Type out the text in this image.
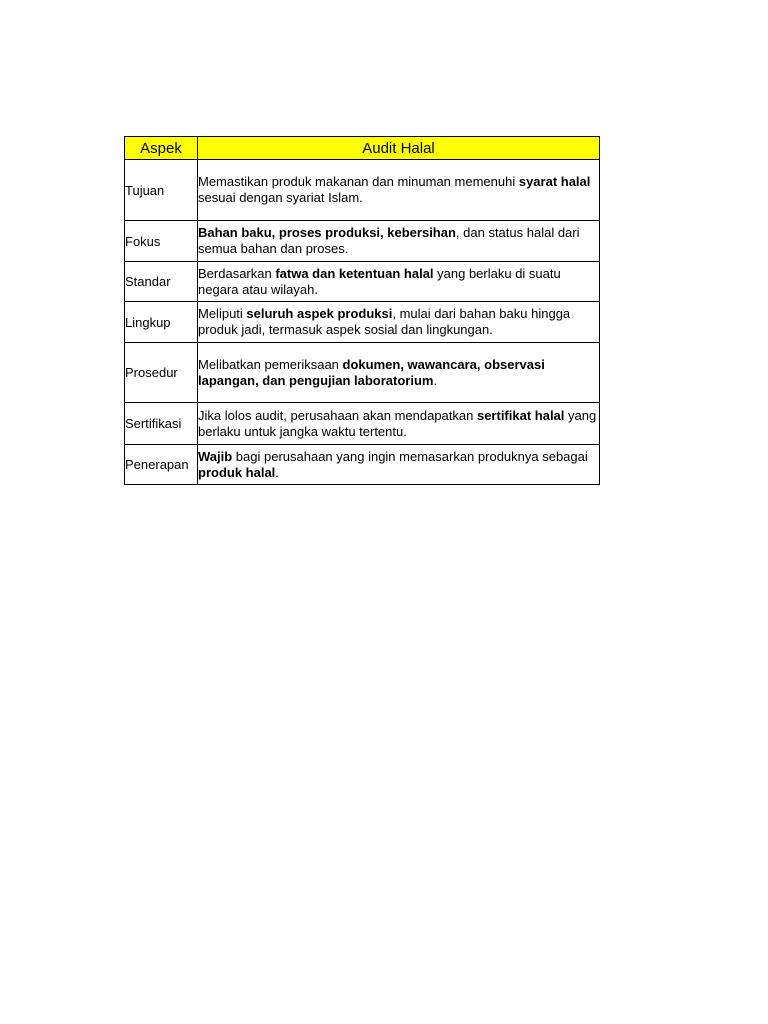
Aspek	Audit Halal
Tujuan	Memastikan produk makanan dan minuman memenuhi syarat halal sesuai dengan syariat Islam.
Fokus	Bahan baku, proses produksi, kebersihan, dan status halal dari semua bahan dan proses.
Standar	Berdasarkan fatwa dan ketentuan halal yang berlaku di suatu negara atau wilayah.
Lingkup	Meliputi seluruh aspek produksi, mulai dari bahan baku hingga produk jadi, termasuk aspek sosial dan lingkungan.
Prosedur	Melibatkan pemeriksaan dokumen, wawancara, observasi lapangan, dan pengujian laboratorium.
Sertifikasi	Jika lolos audit, perusahaan akan mendapatkan sertifikat halal yang berlaku untuk jangka waktu tertentu.
Penerapan	Wajib bagi perusahaan yang ingin memasarkan produknya sebagai produk halal.
